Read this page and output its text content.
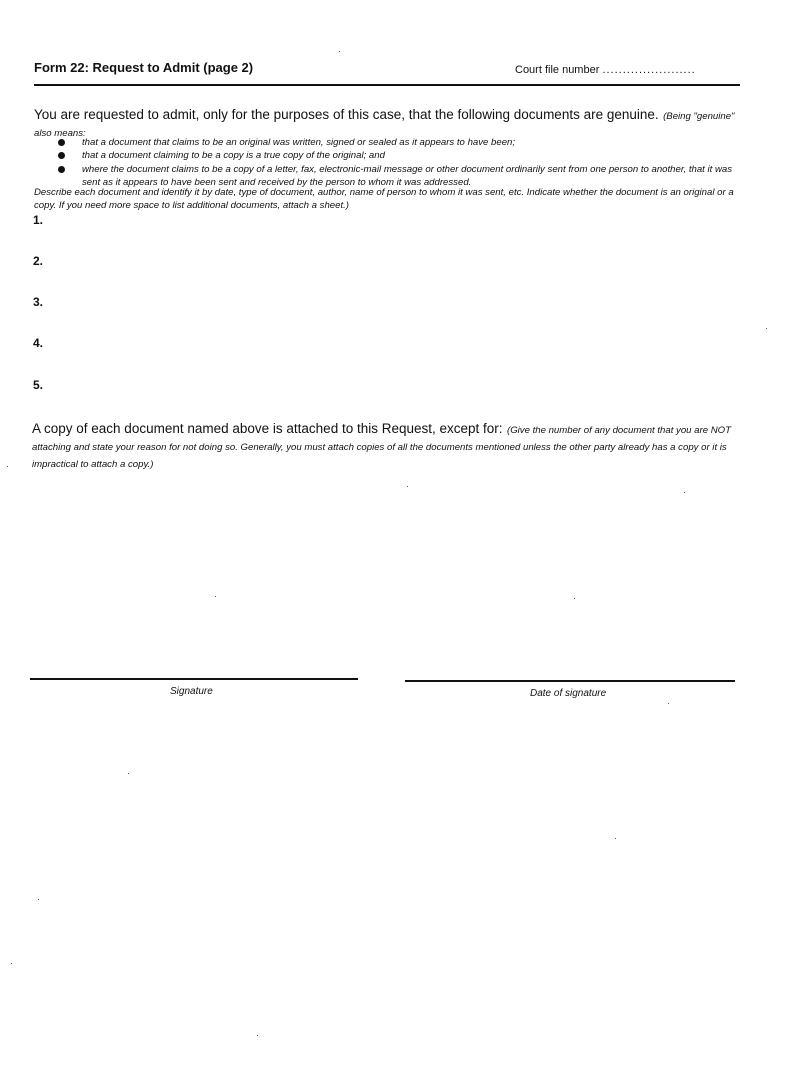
Form 22: Request to Admit (page 2)	Court file number .......................
You are requested to admit, only for the purposes of this case, that the following documents are genuine. (Being "genuine" also means:
that a document that claims to be an original was written, signed or sealed as it appears to have been;
that a document claiming to be a copy is a true copy of the original; and
where the document claims to be a copy of a letter, fax, electronic-mail message or other document ordinarily sent from one person to another, that it was sent as it appears to have been sent and received by the person to whom it was addressed.
Describe each document and identify it by date, type of document, author, name of person to whom it was sent, etc. Indicate whether the document is an original or a copy. If you need more space to list additional documents, attach a sheet.)
1.
2.
3.
4.
5.
A copy of each document named above is attached to this Request, except for: (Give the number of any document that you are NOT attaching and state your reason for not doing so. Generally, you must attach copies of all the documents mentioned unless the other party already has a copy or it is impractical to attach a copy.)
Signature	Date of signature
